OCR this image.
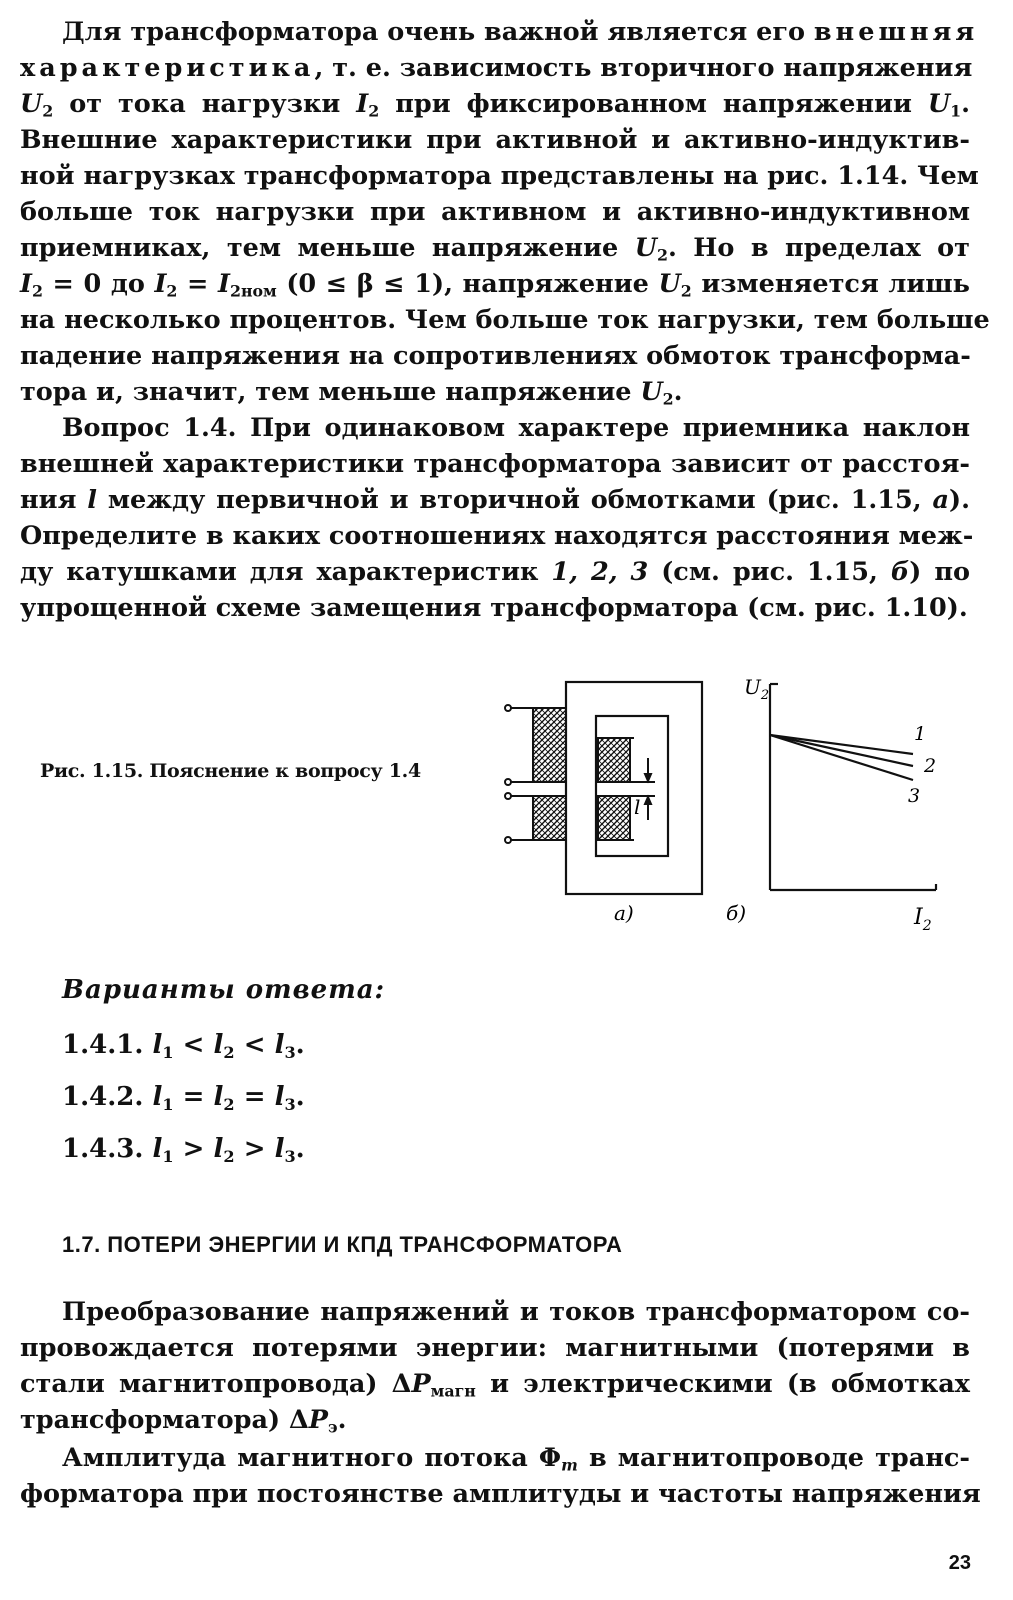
Для трансформатора очень важной является его внешняя
характеристика, т. е. зависимость вторичного напряжения
$U_2$ от тока нагрузки $I_2$ при фиксированном напряжении $U_1$.
Внешние характеристики при активной и активно-индуктив-
ной нагрузках трансформатора представлены на рис. 1.14. Чем
больше ток нагрузки при активном и активно-индуктивном
приемниках, тем меньше напряжение $U_2$. Но в пределах от
$I_2 = 0$ до $I_2 = I_{2ном}$ (0 ≤ β ≤ 1), напряжение $U_2$ изменяется лишь
на несколько процентов. Чем больше ток нагрузки, тем больше
падение напряжения на сопротивлениях обмоток трансформа-
тора и, значит, тем меньше напряжение $U_2$.
Вопрос 1.4. При одинаковом характере приемника наклон
внешней характеристики трансформатора зависит от расстоя-
ния l между первичной и вторичной обмотками (рис. 1.15, а).
Определите в каких соотношениях находятся расстояния меж-
ду катушками для характеристик 1, 2, 3 (см. рис. 1.15, б) по
упрощенной схеме замещения трансформатора (см. рис. 1.10).
Рис. 1.15. Пояснение к вопросу 1.4
l
$U_2$
$I_2$
1
2
3
а)	б)
Варианты ответа:
1.4.1. $l_1 < l_2 < l_3$.
1.4.2. $l_1 = l_2 = l_3$.
1.4.3. $l_1 > l_2 > l_3$.
1.7. ПОТЕРИ ЭНЕРГИИ И КПД ТРАНСФОРМАТОРА
Преобразование напряжений и токов трансформатором со-
провождается потерями энергии: магнитными (потерями в
стали магнитопровода) $\Delta P_{магн}$ и электрическими (в обмотках
трансформатора) $\Delta P_э$.
Амплитуда магнитного потока $\Phi_m$ в магнитопроводе транс-
форматора при постоянстве амплитуды и частоты напряжения
23
